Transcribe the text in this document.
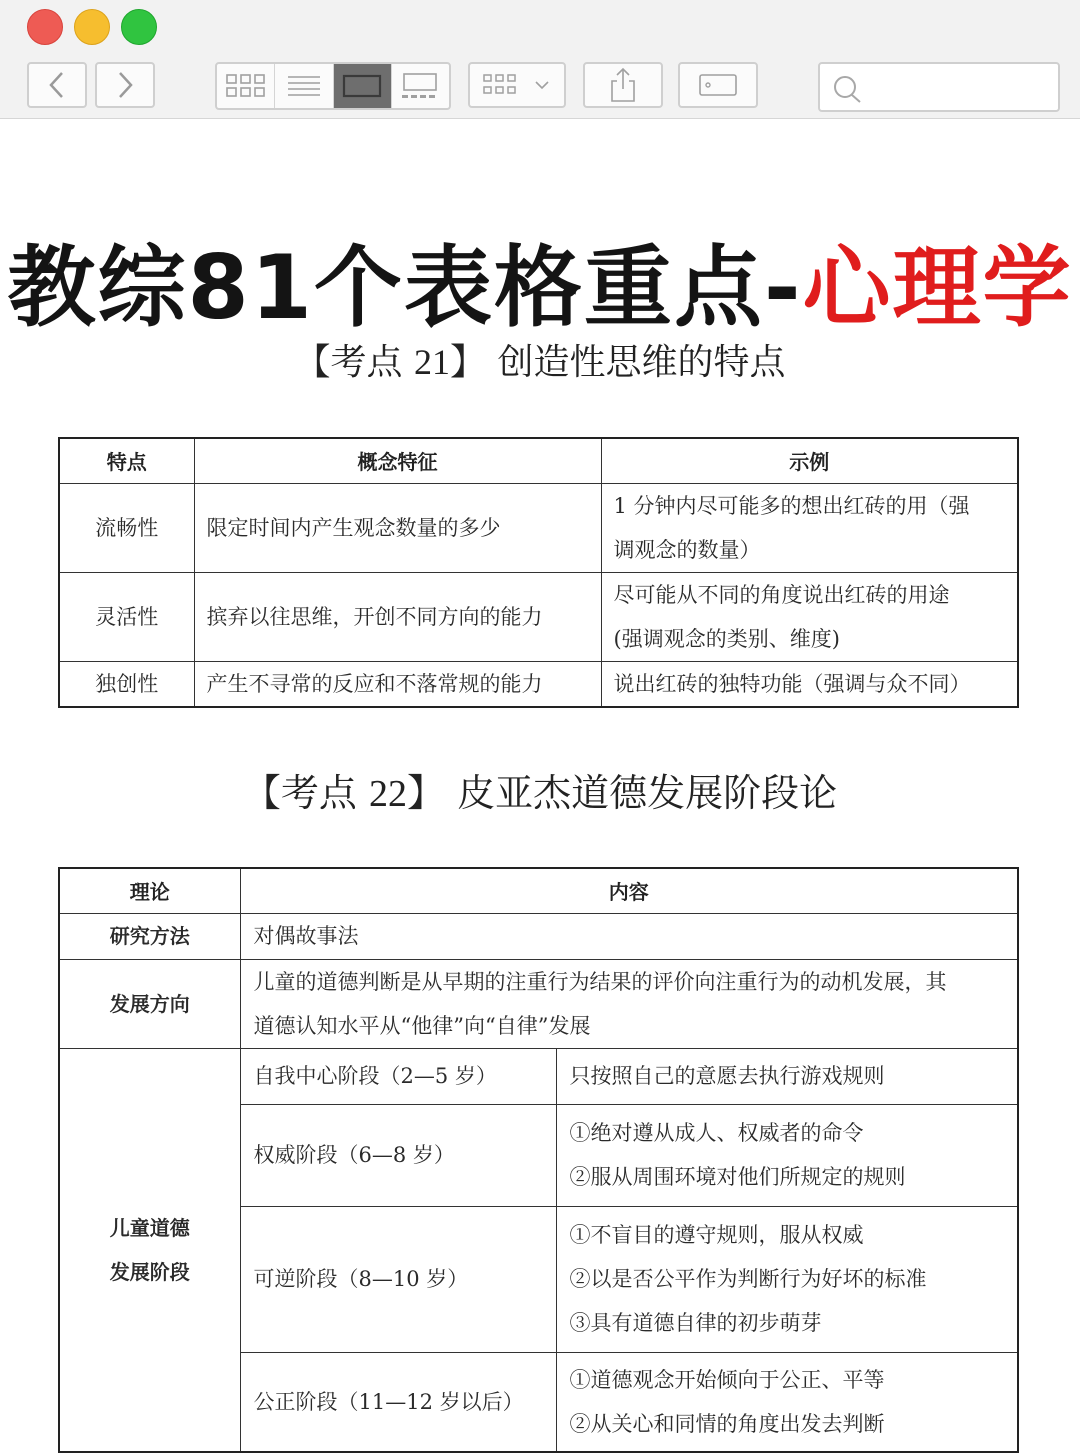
教综81个表格重点-心理学
【考点 21】 创造性思维的特点
特点	概念特征	示例
流畅性	限定时间内产生观念数量的多少	1 分钟内尽可能多的想出红砖的用（强
调观念的数量）

灵活性	摈弃以往思维，开创不同方向的能力	尽可能从不同的角度说出红砖的用途
(强调观念的类别、维度)

独创性	产生不寻常的反应和不落常规的能力	说出红砖的独特功能（强调与众不同）
【考点 22】 皮亚杰道德发展阶段论
理论	内容	
研究方法	对偶故事法	
发展方向	儿童的道德判断是从早期的注重行为结果的评价向注重行为的动机发展，其
道德认知水平从“他律”向“自律”发展	

儿童道德
发展阶段	自我中心阶段（2—5 岁）	只按照自己的意愿去执行游戏规则

	权威阶段（6—8 岁）	①绝对遵从成人、权威者的命令
②服从周围环境对他们所规定的规则

	可逆阶段（8—10 岁）	①不盲目的遵守规则，服从权威
②以是否公平作为判断行为好坏的标准
③具有道德自律的初步萌芽

	公正阶段（11—12 岁以后）	①道德观念开始倾向于公正、平等
②从关心和同情的角度出发去判断
